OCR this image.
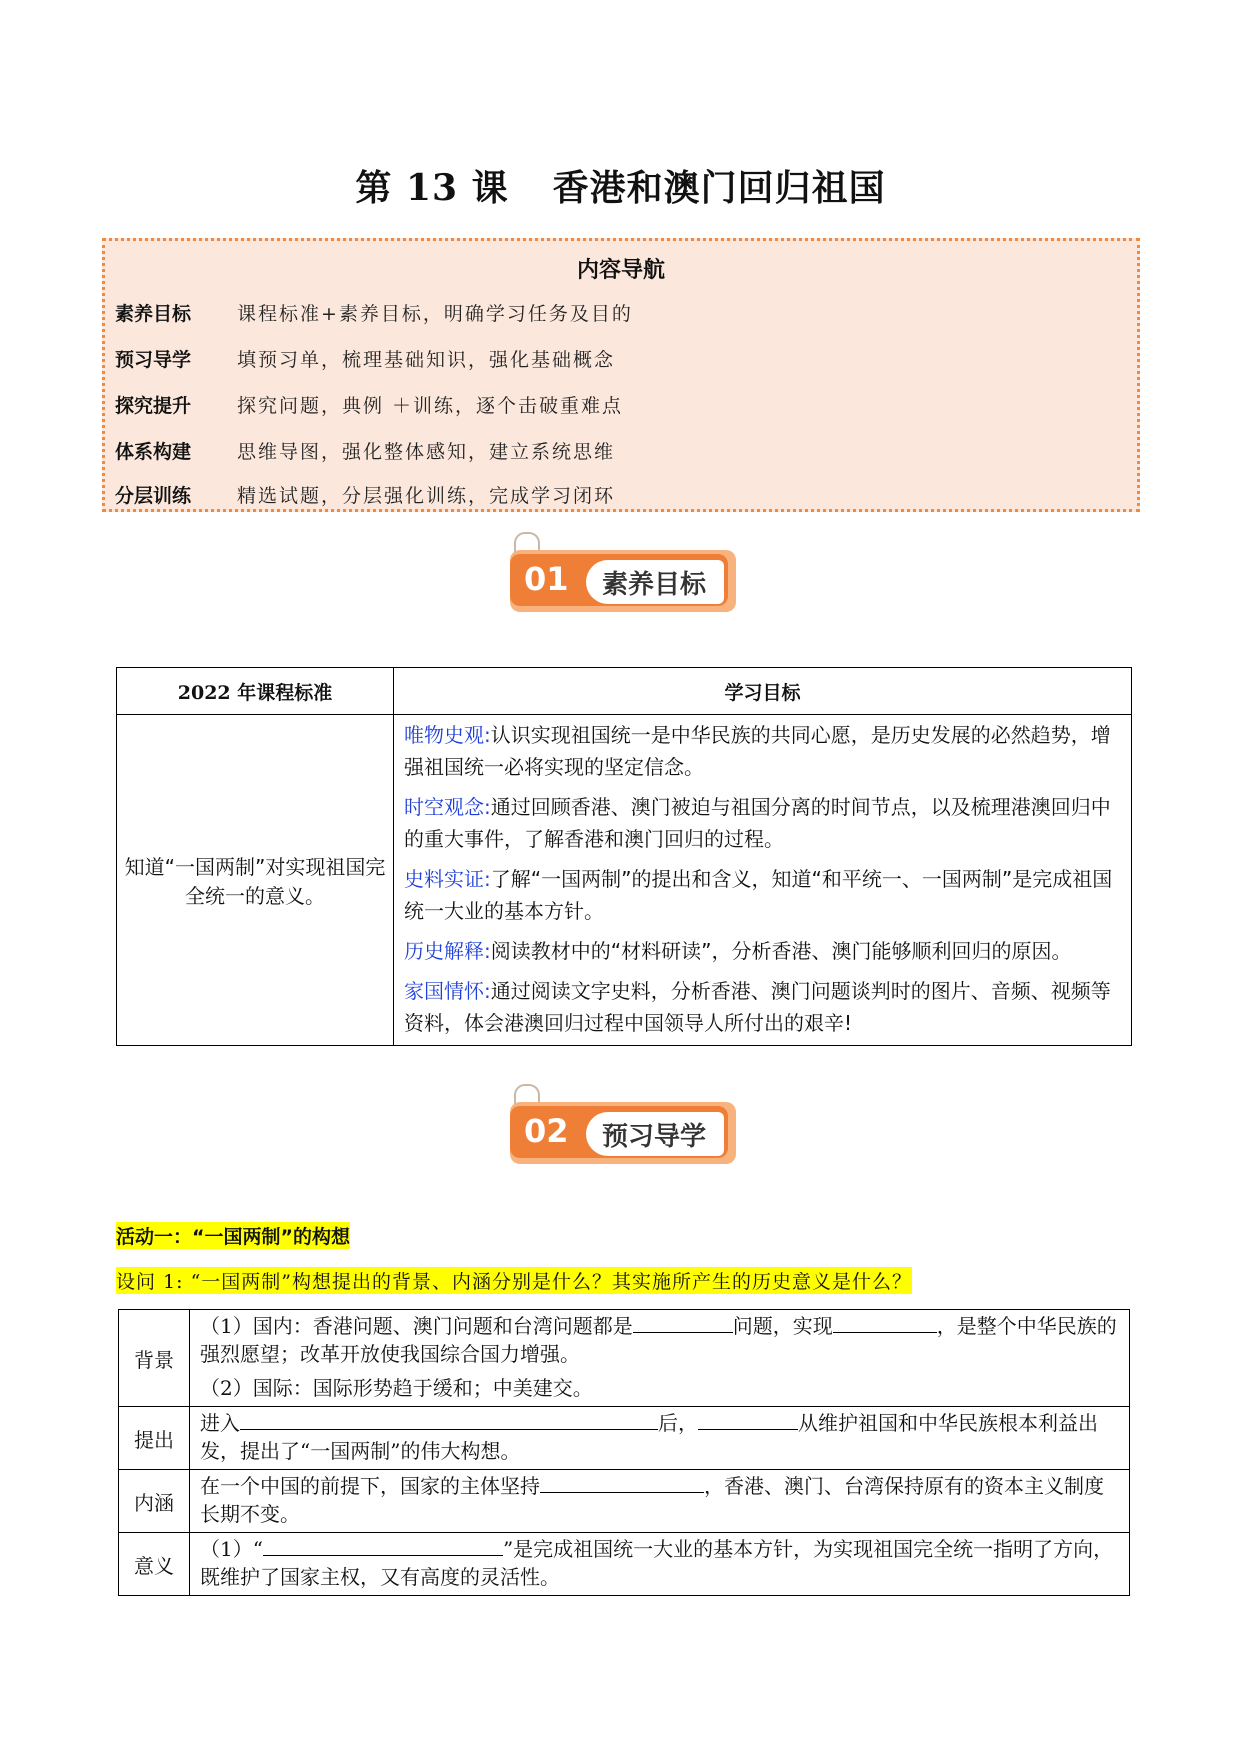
第 13 课 香港和澳门回归祖国
内容导航
素养目标 课程标准+素养目标，明确学习任务及目的
预习导学 填预习单，梳理基础知识，强化基础概念
探究提升 探究问题，典例 ＋训练，逐个击破重难点
体系构建 思维导图，强化整体感知，建立系统思维
分层训练 精选试题，分层强化训练，完成学习闭环
01 素养目标
2022 年课程标准	学习目标
知道“一国两制”对实现祖国完全统一的意义。	唯物史观:认识实现祖国统一是中华民族的共同心愿，是历史发展的必然趋势，增强祖国统一必将实现的坚定信念。

时空观念:通过回顾香港、澳门被迫与祖国分离的时间节点，以及梳理港澳回归中的重大事件，了解香港和澳门回归的过程。

史料实证:了解“一国两制”的提出和含义，知道“和平统一、一国两制”是完成祖国统一大业的基本方针。

历史解释:阅读教材中的“材料研读”，分析香港、澳门能够顺利回归的原因。

家国情怀:通过阅读文字史料，分析香港、澳门问题谈判时的图片、音频、视频等资料，体会港澳回归过程中国领导人所付出的艰辛!

02 预习导学
活动一：“一国两制”的构想
设问 1: “一国两制”构想提出的背景、内涵分别是什么？其实施所产生的历史意义是什么？
背景	（1）国内：香港问题、澳门问题和台湾问题都是 问题，实现 ，是整个中华民族的强烈愿望；改革开放使我国综合国力增强。
（2）国际：国际形势趋于缓和；中美建交。

提出	进入 后， 从维护祖国和中华民族根本利益出发，提出了“一国两制”的伟大构想。
内涵	在一个中国的前提下，国家的主体坚持 ，香港、澳门、台湾保持原有的资本主义制度长期不变。
意义	（1）“ ”是完成祖国统一大业的基本方针，为实现祖国完全统一指明了方向，既维护了国家主权，又有高度的灵活性。
